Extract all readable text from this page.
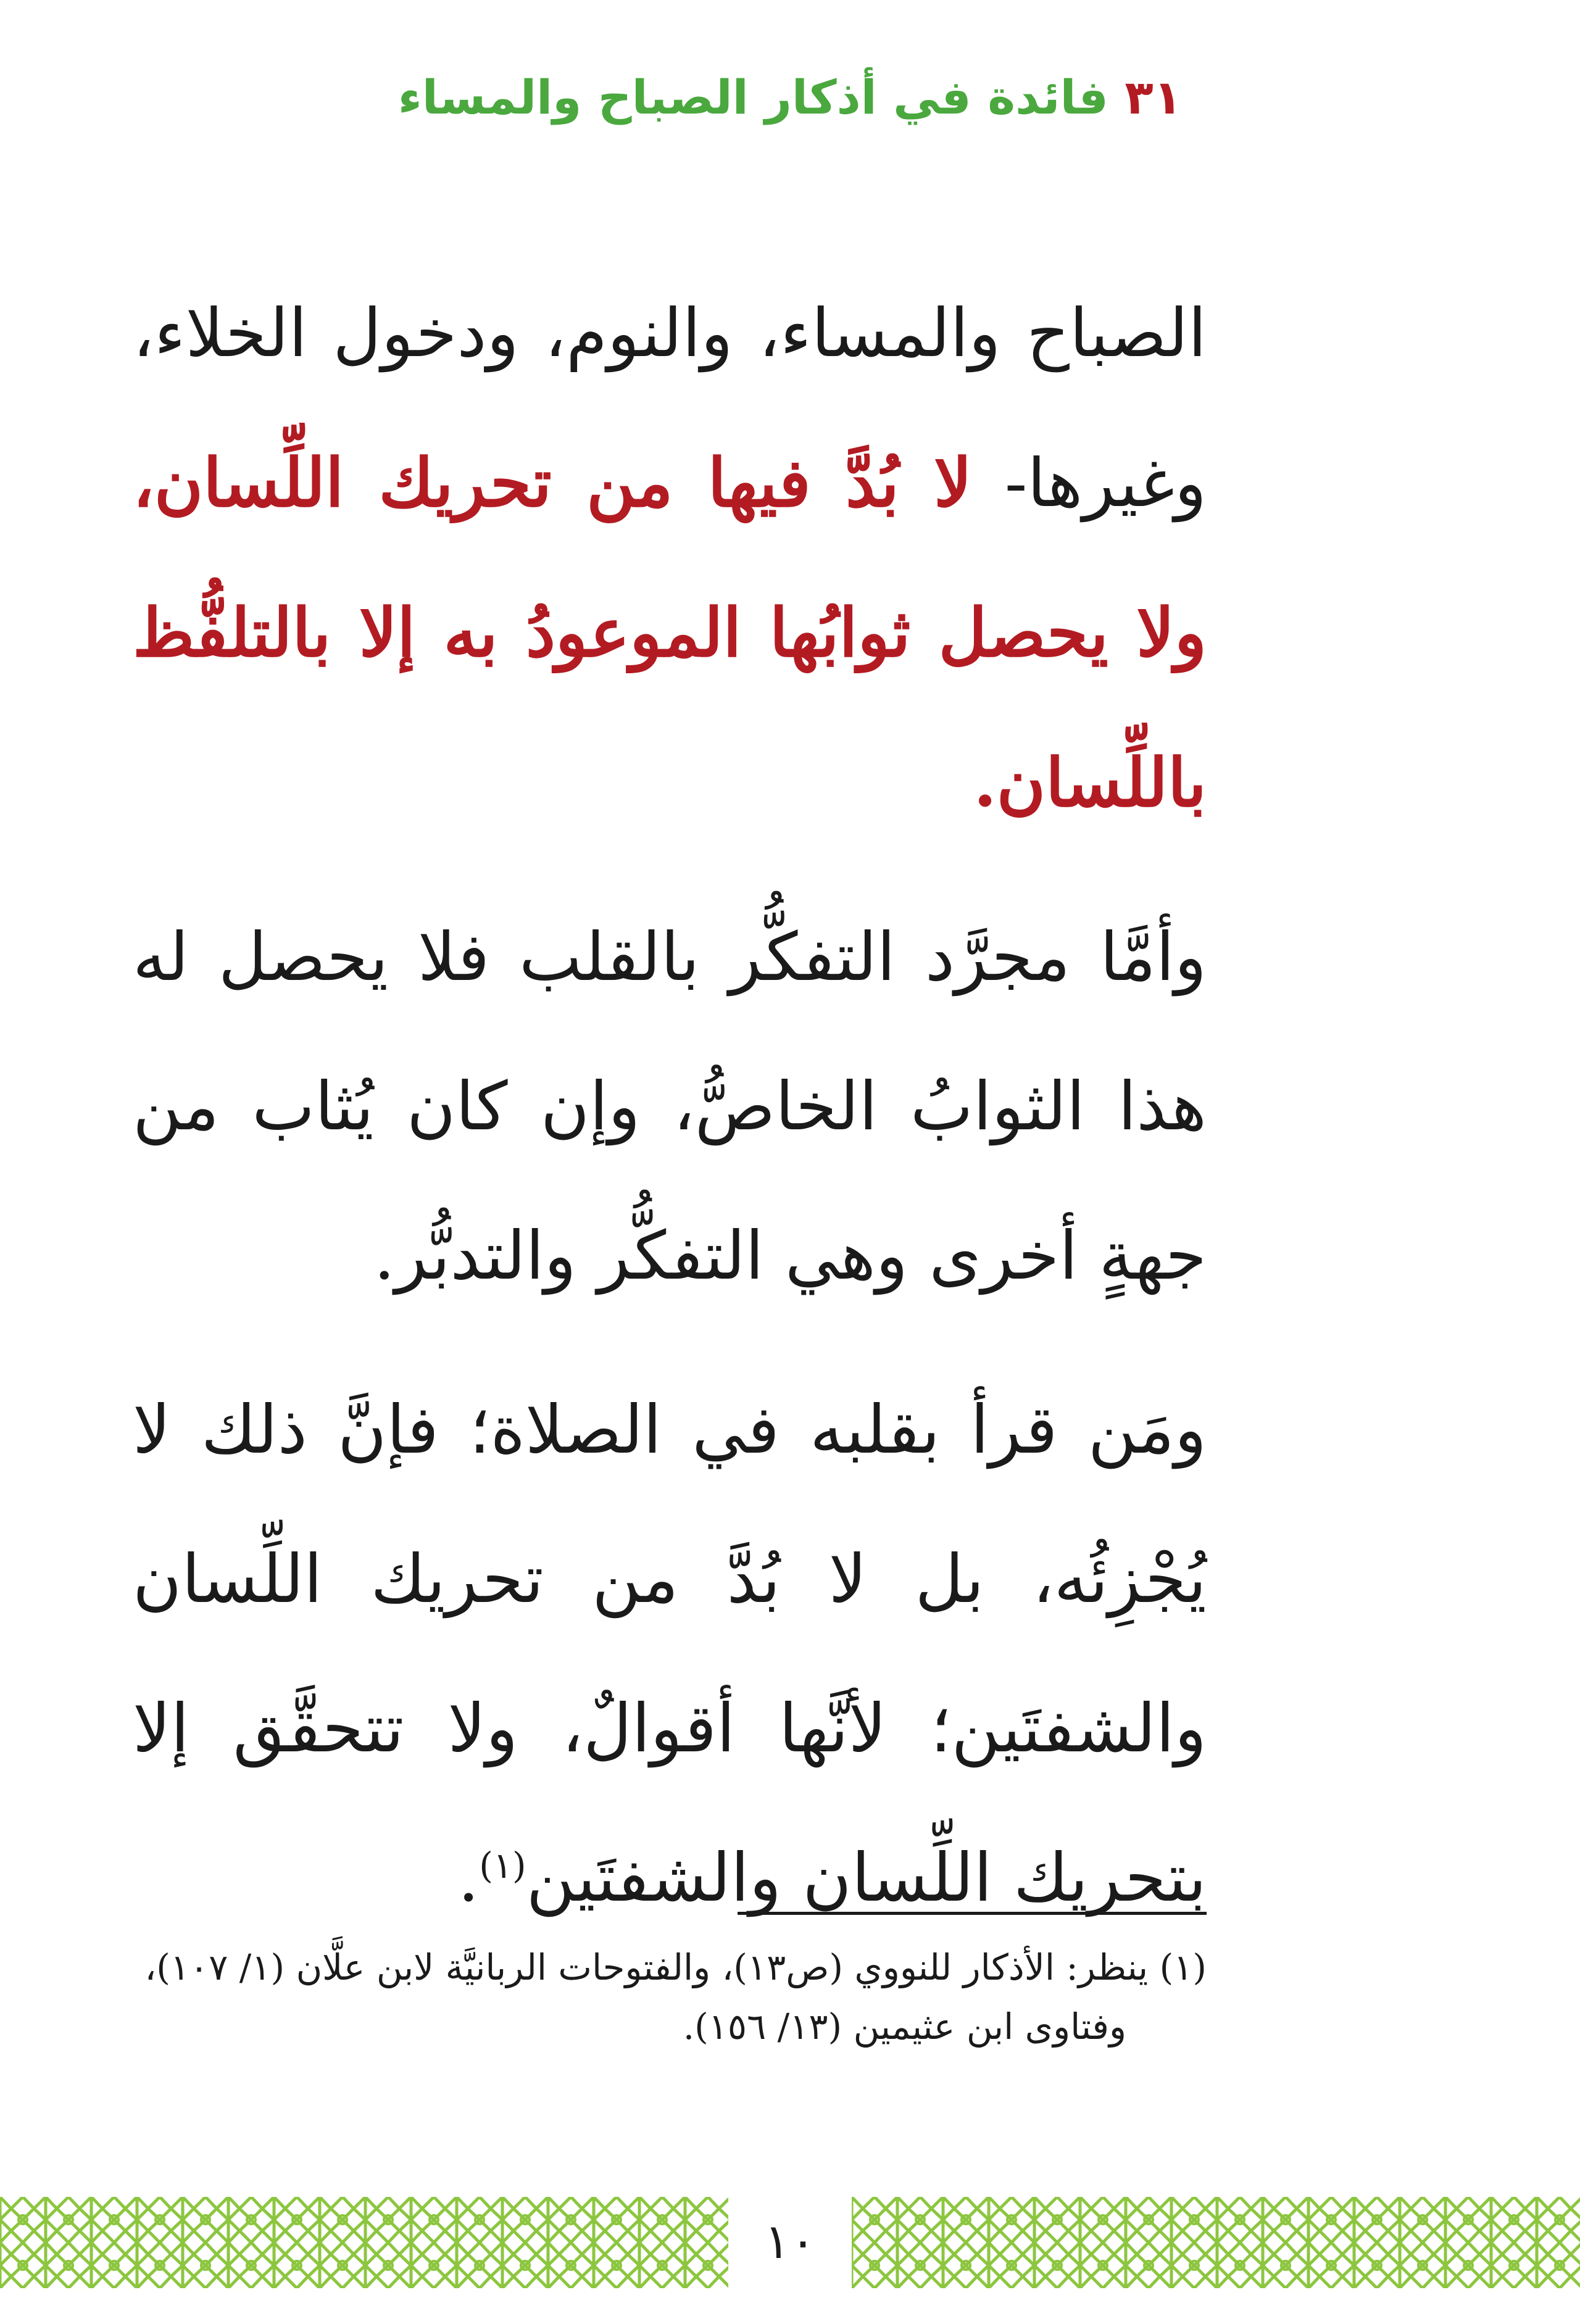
٣١ فائدة في أذكار الصباح والمساء

الصباح والمساء، والنوم، ودخول الخلاء، وغيرها- لا بُدَّ فيها من تحريك اللِّسان، ولا يحصل ثوابُها الموعودُ به إلا بالتلفُّظ باللِّسان.

وأمَّا مجرَّد التفكُّر بالقلب فلا يحصل له هذا الثوابُ الخاصُّ، وإن كان يُثاب من جهةٍ أخرى وهي التفكُّر والتدبُّر.

ومَن قرأ بقلبه في الصلاة؛ فإنَّ ذلك لا يُجْزِئُه، بل لا بُدَّ من تحريك اللِّسان والشفتَين؛ لأنَّها أقوالٌ، ولا تتحقَّق إلا بتحريك اللِّسان والشفتَين$^{(١)}$.

(١) ينظر: الأذكار للنووي (ص١٣)، والفتوحات الربانيَّة لابن علَّان (١/ ١٠٧)،
وفتاوى ابن عثيمين (١٣/ ١٥٦).
١٠
